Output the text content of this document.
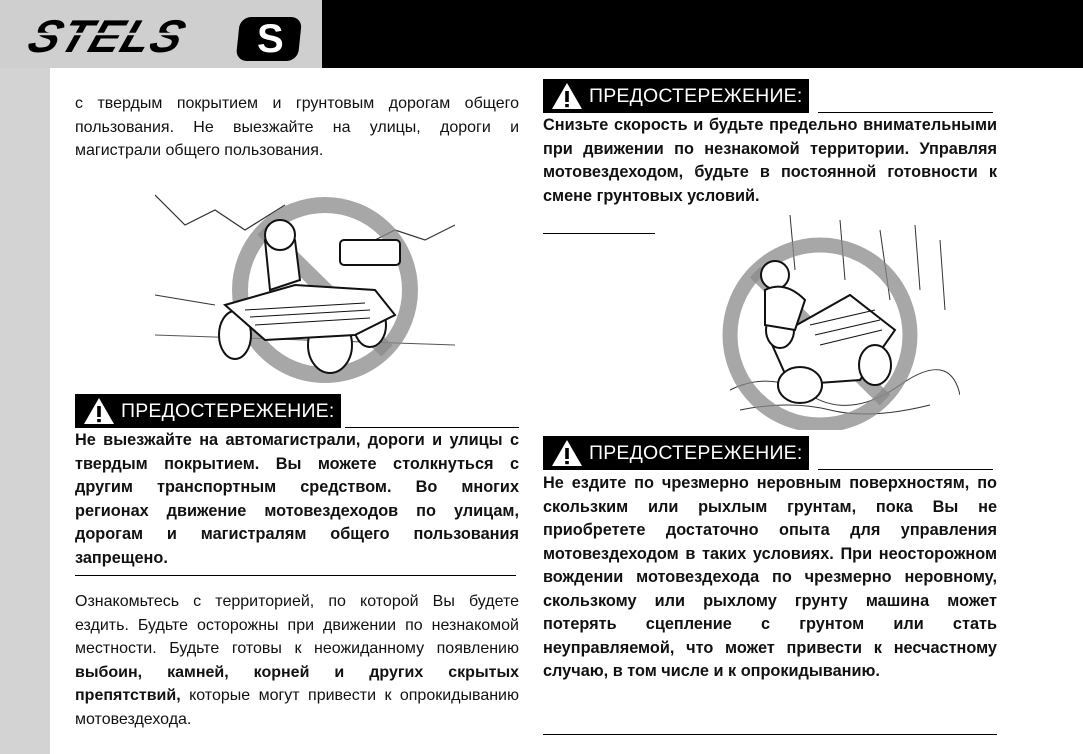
STELS S

с твердым покрытием и грунтовым дорогам общего пользования. Не выезжайте на улицы, дороги и магистрали общего пользования.

ПРЕДОСТЕРЕЖЕНИЕ:

Не выезжайте на автомагистрали, дороги и улицы с твердым покрытием. Вы можете столкнуться с другим транспортным средством. Во многих регионах движение мотовездеходов по улицам, дорогам и магистралям общего пользования запрещено.

Ознакомьтесь с территорией, по которой Вы будете ездить. Будьте осторожны при движении по незнакомой местности. Будьте готовы к неожиданному появлению выбоин, камней, корней и других скрытых препятствий, которые могут привести к опрокидыванию мотовездехода.

ПРЕДОСТЕРЕЖЕНИЕ:

Снизьте скорость и будьте предельно внимательными при движении по незнакомой территории. Управляя мотовездеходом, будьте в постоянной готовности к смене грунтовых условий.

ПРЕДОСТЕРЕЖЕНИЕ:

Не ездите по чрезмерно неровным поверхностям, по скользким или рыхлым грунтам, пока Вы не приобретете достаточно опыта для управления мотовездеходом в таких условиях. При неосторожном вождении мотовездехода по чрезмерно неровному, скользкому или рыхлому грунту машина может потерять сцепление с грунтом или стать неуправляемой, что может привести к несчастному случаю, в том числе и к опрокидыванию.
